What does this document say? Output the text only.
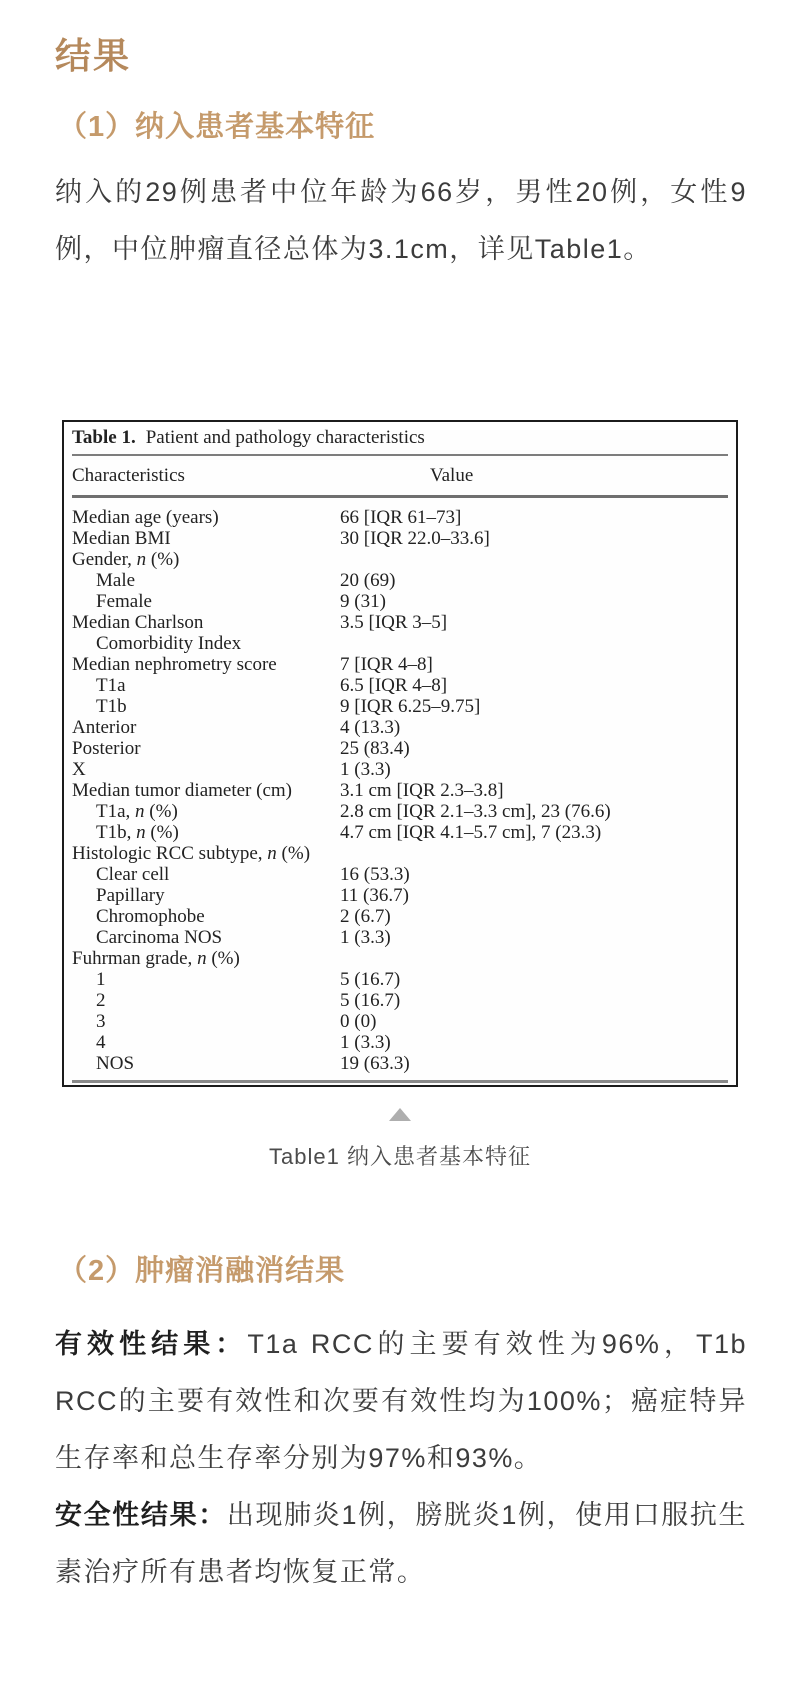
结果
（1）纳入患者基本特征

纳入的29例患者中位年龄为66岁，男性20例，女性9例，中位肿瘤直径总体为3.1cm，详见Table1。

Table 1. Patient and pathology characteristics
Characteristics	Value
Median age (years)	66 [IQR 61–73]
Median BMI	30 [IQR 22.0–33.6]
Gender, n (%)
Male	20 (69)
Female	9 (31)
Median Charlson	3.5 [IQR 3–5]
Comorbidity Index
Median nephrometry score	7 [IQR 4–8]
T1a	6.5 [IQR 4–8]
T1b	9 [IQR 6.25–9.75]
Anterior	4 (13.3)
Posterior	25 (83.4)
X	1 (3.3)
Median tumor diameter (cm)	3.1 cm [IQR 2.3–3.8]
T1a, n (%)	2.8 cm [IQR 2.1–3.3 cm], 23 (76.6)
T1b, n (%)	4.7 cm [IQR 4.1–5.7 cm], 7 (23.3)
Histologic RCC subtype, n (%)
Clear cell	16 (53.3)
Papillary	11 (36.7)
Chromophobe	2 (6.7)
Carcinoma NOS	1 (3.3)
Fuhrman grade, n (%)
1	5 (16.7)
2	5 (16.7)
3	0 (0)
4	1 (3.3)
NOS	19 (63.3)
Table1 纳入患者基本特征
（2）肿瘤消融消结果

有效性结果：T1a RCC的主要有效性为96%，T1b RCC的主要有效性和次要有效性均为100%；癌症特异生存率和总生存率分别为97%和93%。

安全性结果：出现肺炎1例，膀胱炎1例，使用口服抗生素治疗所有患者均恢复正常。
